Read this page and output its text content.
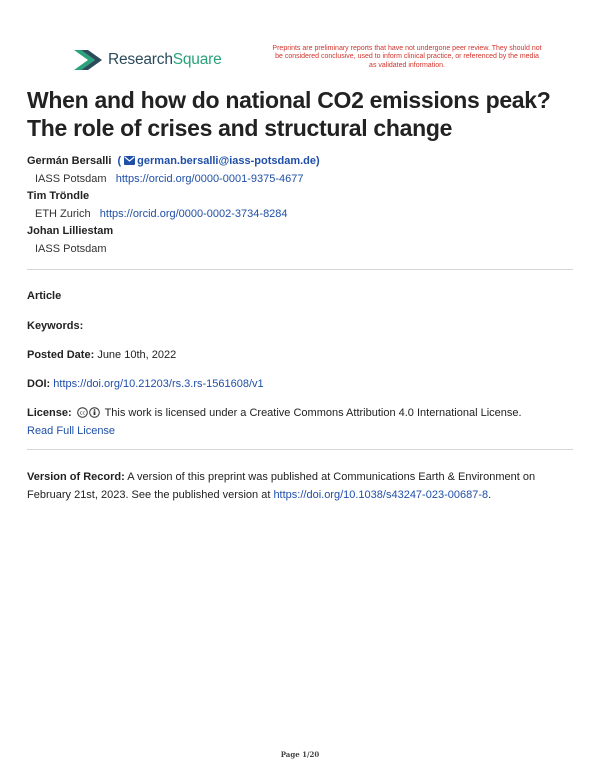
ResearchSquare
Preprints are preliminary reports that have not undergone peer review. They should not be considered conclusive, used to inform clinical practice, or referenced by the media as validated information.
When and how do national CO2 emissions peak? The role of crises and structural change
Germán Bersalli  ( german.bersalli@iass-potsdam.de)
IASS Potsdam https://orcid.org/0000-0001-9375-4677
Tim Tröndle
ETH Zurich https://orcid.org/0000-0002-3734-8284
Johan Lilliestam
IASS Potsdam
Article
Keywords:
Posted Date: June 10th, 2022
DOI: https://doi.org/10.21203/rs.3.rs-1561608/v1
License: cc This work is licensed under a Creative Commons Attribution 4.0 International License.
Read Full License
Version of Record: A version of this preprint was published at Communications Earth & Environment on February 21st, 2023. See the published version at https://doi.org/10.1038/s43247-023-00687-8.
Page 1/20
